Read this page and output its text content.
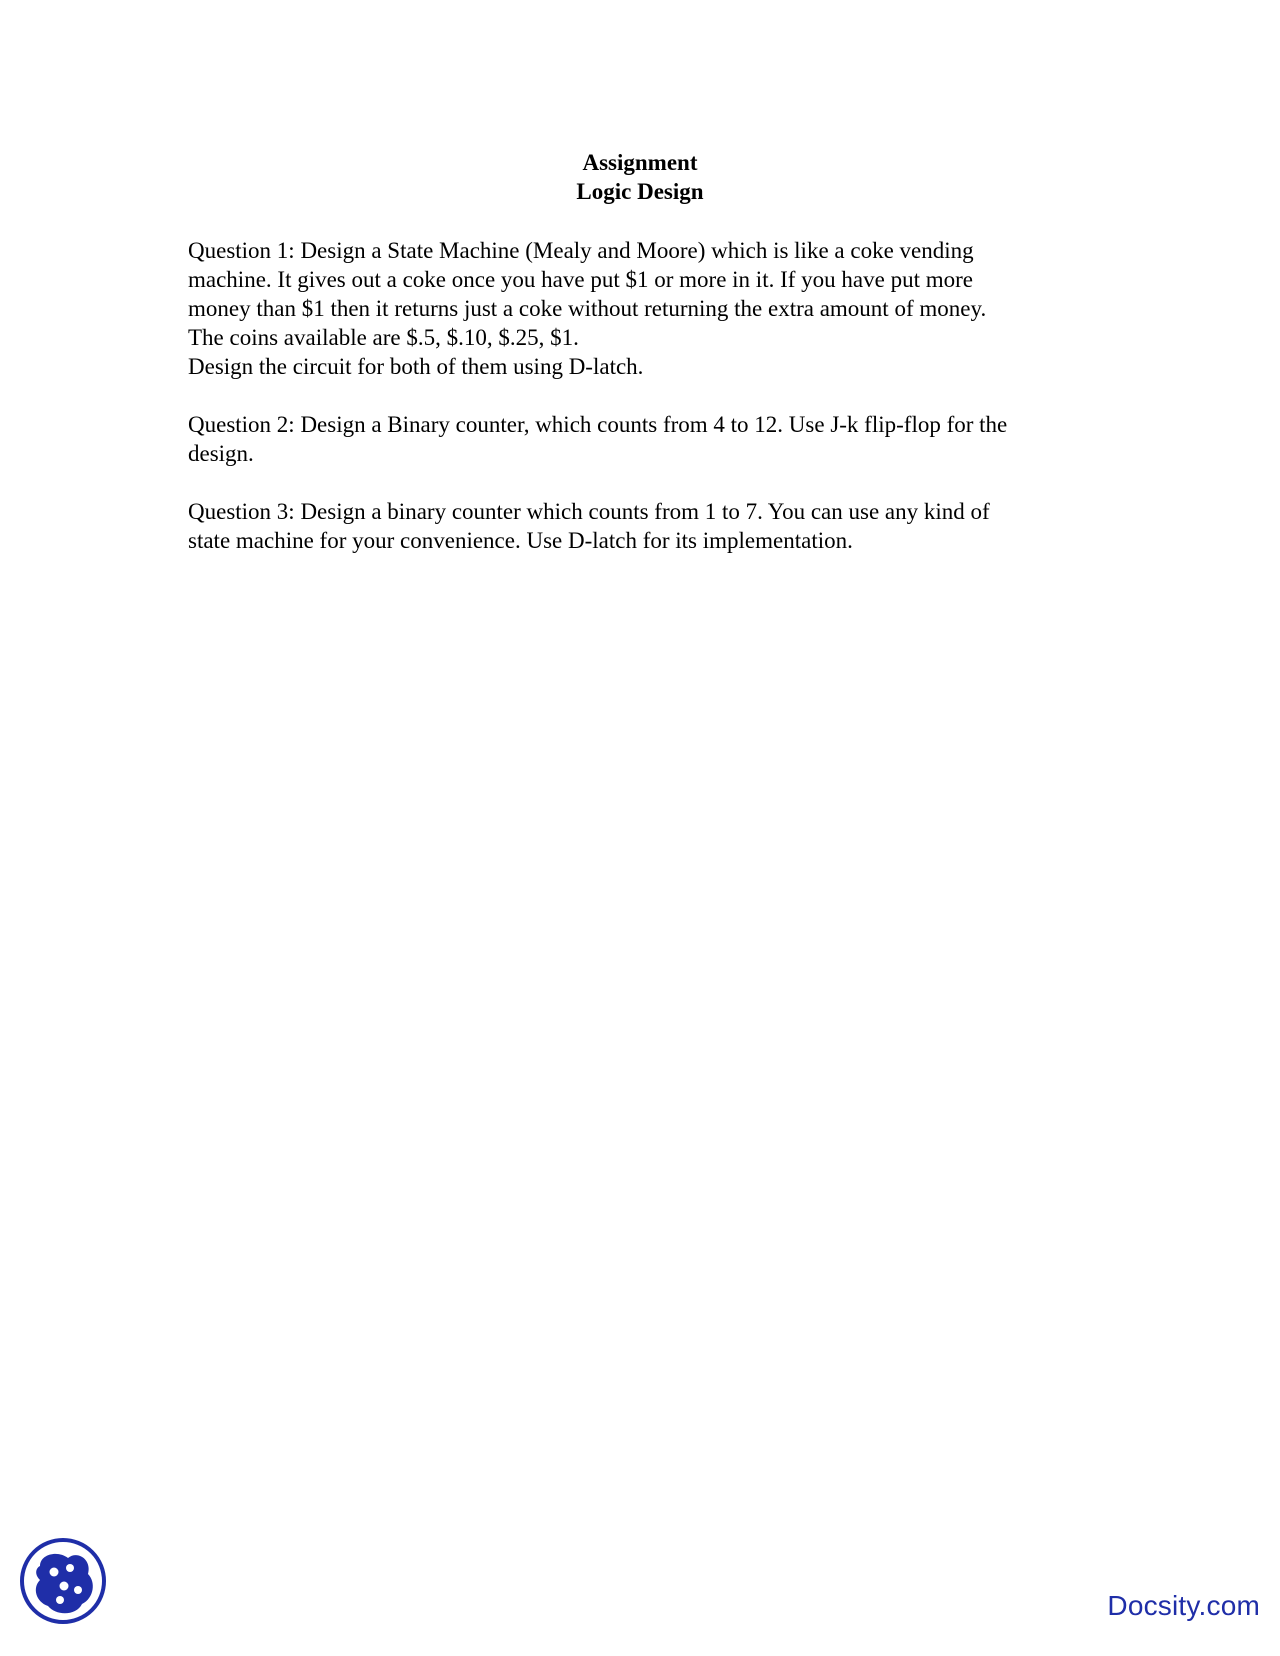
Assignment
Logic Design
Question 1: Design a State Machine (Mealy and Moore) which is like a coke vending
machine. It gives out a coke once you have put $1 or more in it. If you have put more
money than $1 then it returns just a coke without returning the extra amount of money.
The coins available are $.5, $.10, $.25, $1.
Design the circuit for both of them using D-latch.
Question 2: Design a Binary counter, which counts from 4 to 12. Use J-k flip-flop for the
design.
Question 3: Design a binary counter which counts from 1 to 7. You can use any kind of
state machine for your convenience. Use D-latch for its implementation.
Docsity.com
